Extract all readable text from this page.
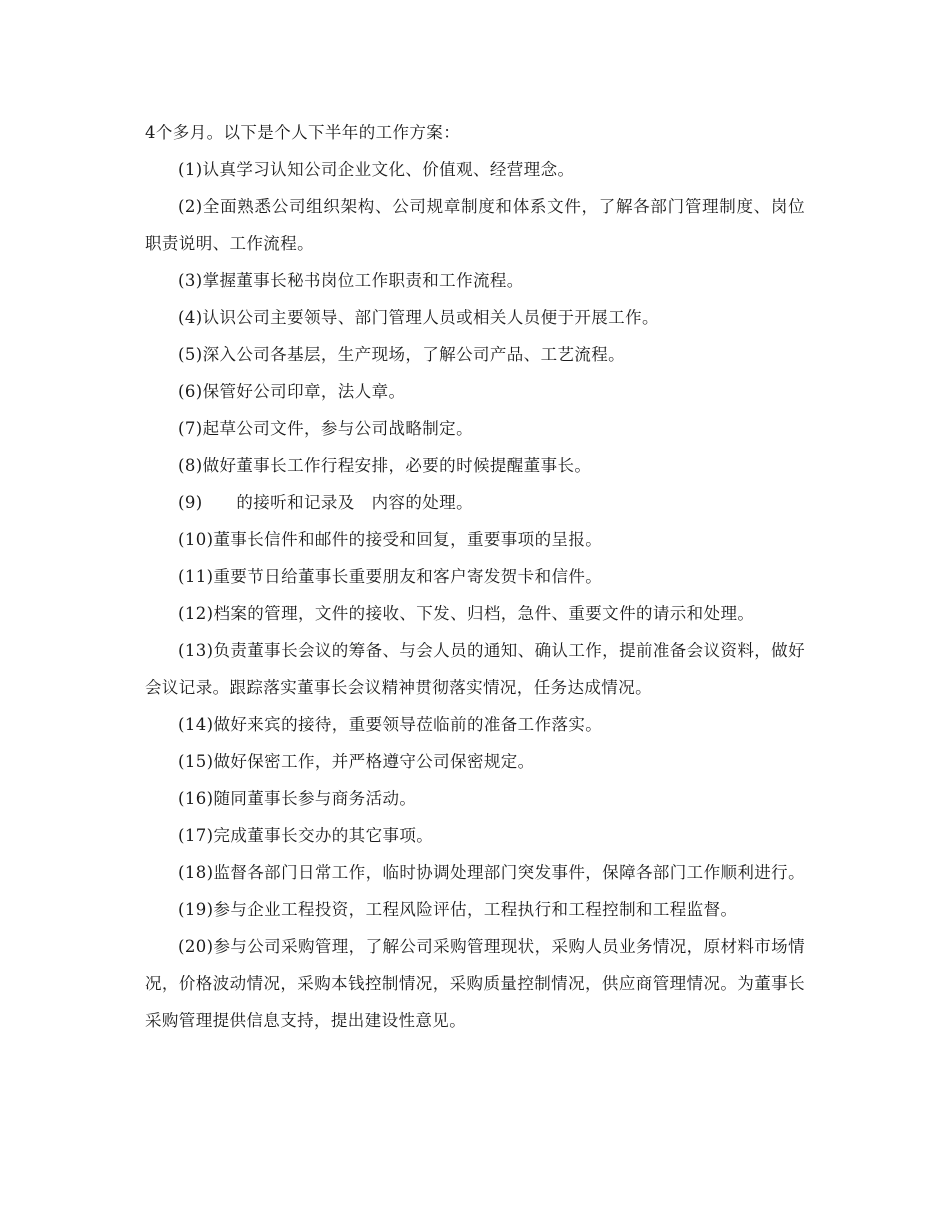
4个多月。以下是个人下半年的工作方案：

(1)认真学习认知公司企业文化、价值观、经营理念。

(2)全面熟悉公司组织架构、公司规章制度和体系文件，了解各部门管理制度、岗位职责说明、工作流程。

(3)掌握董事长秘书岗位工作职责和工作流程。

(4)认识公司主要领导、部门管理人员或相关人员便于开展工作。

(5)深入公司各基层，生产现场，了解公司产品、工艺流程。

(6)保管好公司印章，法人章。

(7)起草公司文件，参与公司战略制定。

(8)做好董事长工作行程安排，必要的时候提醒董事长。

(9)　　的接听和记录及　内容的处理。

(10)董事长信件和邮件的接受和回复，重要事项的呈报。

(11)重要节日给董事长重要朋友和客户寄发贺卡和信件。

(12)档案的管理，文件的接收、下发、归档，急件、重要文件的请示和处理。

(13)负责董事长会议的筹备、与会人员的通知、确认工作，提前准备会议资料，做好会议记录。跟踪落实董事长会议精神贯彻落实情况，任务达成情况。

(14)做好来宾的接待，重要领导莅临前的准备工作落实。

(15)做好保密工作，并严格遵守公司保密规定。

(16)随同董事长参与商务活动。

(17)完成董事长交办的其它事项。

(18)监督各部门日常工作，临时协调处理部门突发事件，保障各部门工作顺利进行。

(19)参与企业工程投资，工程风险评估，工程执行和工程控制和工程监督。

(20)参与公司采购管理，了解公司采购管理现状，采购人员业务情况，原材料市场情况，价格波动情况，采购本钱控制情况，采购质量控制情况，供应商管理情况。为董事长采购管理提供信息支持，提出建设性意见。
